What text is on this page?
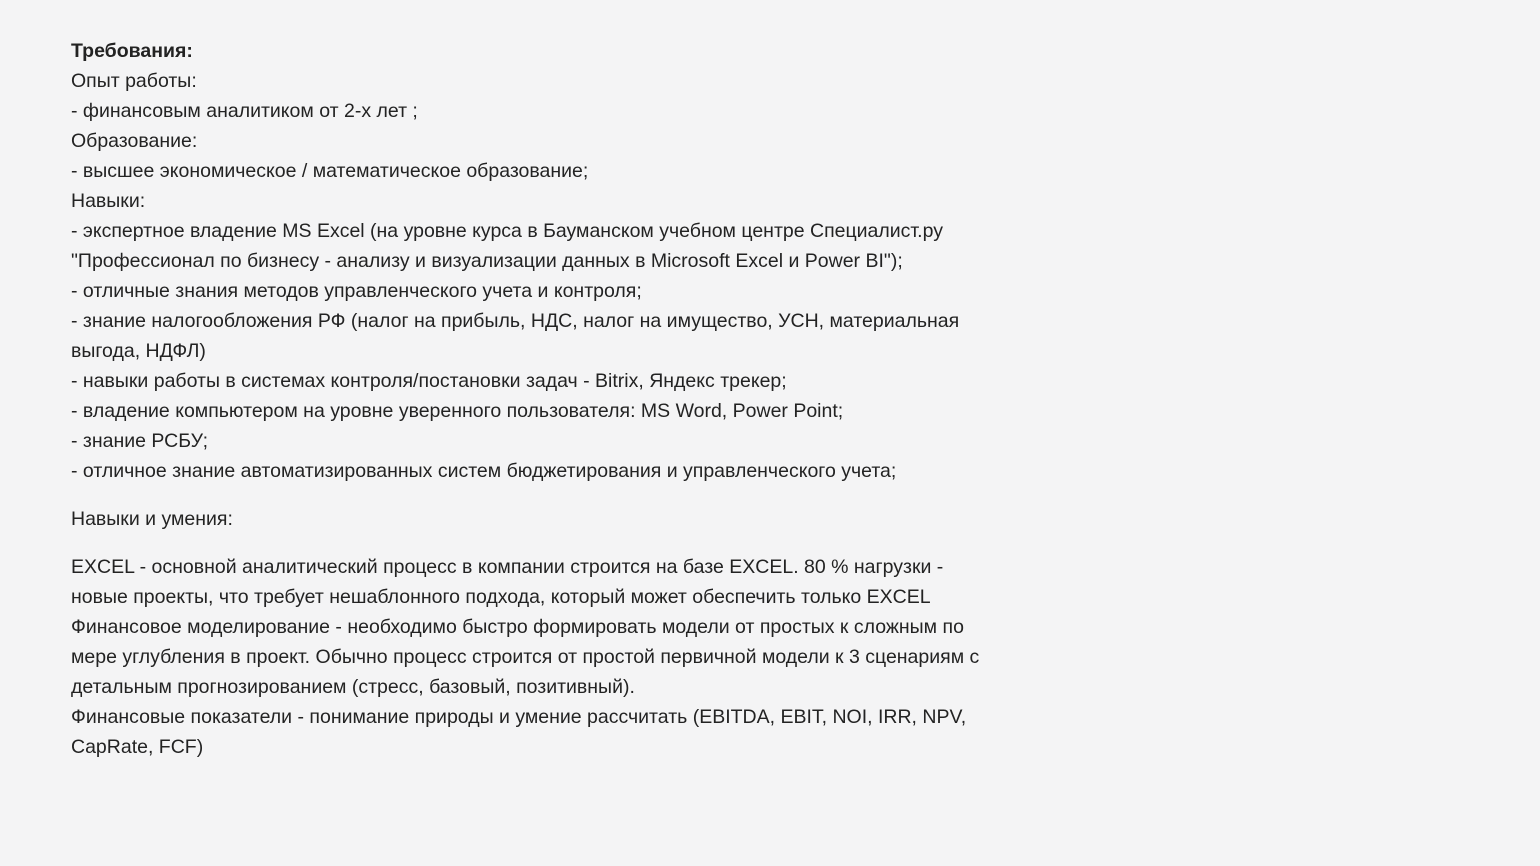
Требования:
Опыт работы:
- финансовым аналитиком от 2-х лет ;
Образование:
- высшее экономическое / математическое образование;
Навыки:
- экспертное владение MS Excel (на уровне курса в Бауманском учебном центре Специалист.ру "Профессионал по бизнесу - анализу и визуализации данных в Microsoft Excel и Power BI");
- отличные знания методов управленческого учета и контроля;
- знание налогообложения РФ (налог на прибыль, НДС, налог на имущество, УСН, материальная выгода, НДФЛ)
- навыки работы в системах контроля/постановки задач - Bitrix, Яндекс трекер;
- владение компьютером на уровне уверенного пользователя: MS Word, Power Point;
- знание РСБУ;
- отличное знание автоматизированных систем бюджетирования и управленческого учета;
Навыки и умения:
EXCEL - основной аналитический процесс в компании строится на базе EXCEL. 80 % нагрузки - новые проекты, что требует нешаблонного подхода, который может обеспечить только EXCEL
Финансовое моделирование - необходимо быстро формировать модели от простых к сложным по мере углубления в проект. Обычно процесс строится от простой первичной модели к 3 сценариям с детальным прогнозированием (стресс, базовый, позитивный).
Финансовые показатели - понимание природы и умение рассчитать (EBITDA, EBIT, NOI, IRR, NPV, CapRate, FCF)
